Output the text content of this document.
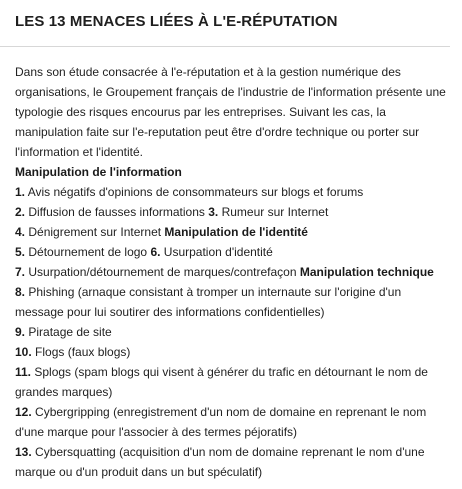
LES 13 MENACES LIÉES À L'E-RÉPUTATION

Dans son étude consacrée à l'e-réputation et à la gestion numérique des organisations, le Groupement français de l'industrie de l'information présente une typologie des risques encourus par les entreprises. Suivant les cas, la manipulation faite sur l'e-reputation peut être d'ordre technique ou porter sur l'information et l'identité.

Manipulation de l'information
1. Avis négatifs d'opinions de consommateurs sur blogs et forums
2. Diffusion de fausses informations 3. Rumeur sur Internet
4. Dénigrement sur Internet Manipulation de l'identité
5. Détournement de logo 6. Usurpation d'identité
7. Usurpation/détournement de marques/contrefaçon Manipulation technique
8. Phishing (arnaque consistant à tromper un internaute sur l'origine d'un message pour lui soutirer des informations confidentielles)
9. Piratage de site
10. Flogs (faux blogs)
11. Splogs (spam blogs qui visent à générer du trafic en détournant le nom de grandes marques)
12. Cybergripping (enregistrement d'un nom de domaine en reprenant le nom d'une marque pour l'associer à des termes péjoratifs)
13. Cybersquatting (acquisition d'un nom de domaine reprenant le nom d'une marque ou d'un produit dans un but spéculatif)
